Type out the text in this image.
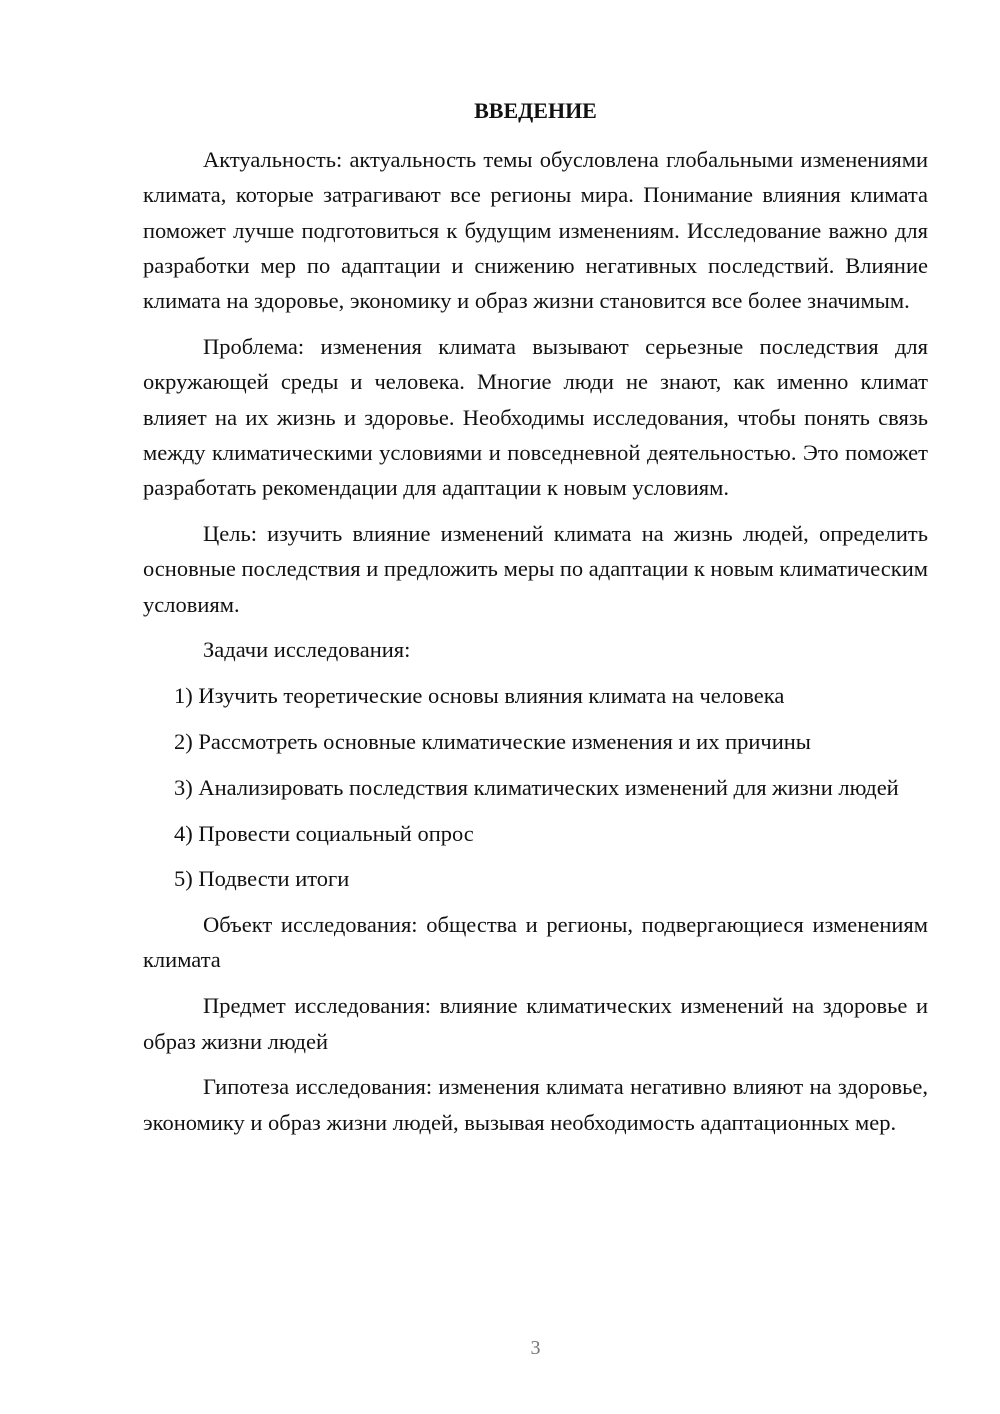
ВВЕДЕНИЕ

Актуальность: актуальность темы обусловлена глобальными изменениями климата, которые затрагивают все регионы мира. Понимание влияния климата поможет лучше подготовиться к будущим изменениям. Исследование важно для разработки мер по адаптации и снижению негативных последствий. Влияние климата на здоровье, экономику и образ жизни становится все более значимым.

Проблема: изменения климата вызывают серьезные последствия для окружающей среды и человека. Многие люди не знают, как именно климат влияет на их жизнь и здоровье. Необходимы исследования, чтобы понять связь между климатическими условиями и повседневной деятельностью. Это поможет разработать рекомендации для адаптации к новым условиям.

Цель: изучить влияние изменений климата на жизнь людей, определить основные последствия и предложить меры по адаптации к новым климатическим условиям.

Задачи исследования:

1) Изучить теоретические основы влияния климата на человека

2) Рассмотреть основные климатические изменения и их причины

3) Анализировать последствия климатических изменений для жизни людей

4) Провести социальный опрос

5) Подвести итоги

Объект исследования: общества и регионы, подвергающиеся изменениям климата

Предмет исследования: влияние климатических изменений на здоровье и образ жизни людей

Гипотеза исследования: изменения климата негативно влияют на здоровье, экономику и образ жизни людей, вызывая необходимость адаптационных мер.

3
